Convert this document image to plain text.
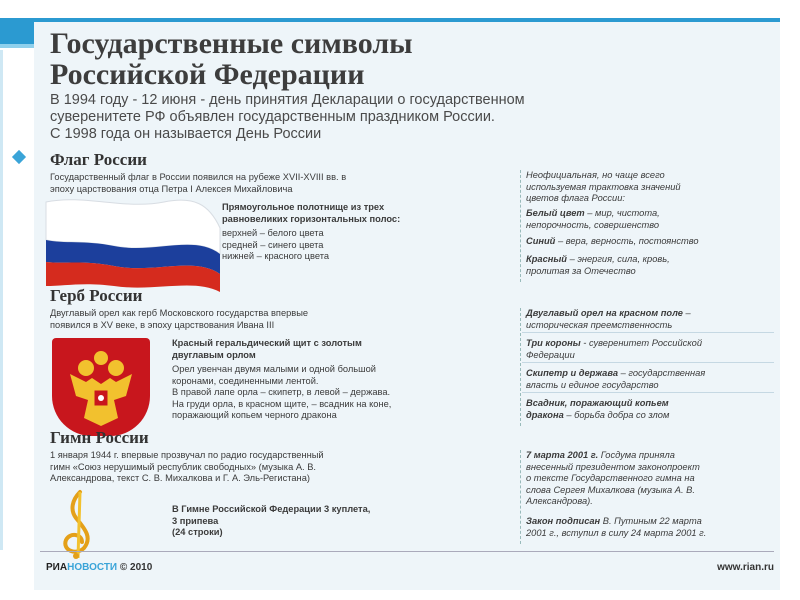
Государственные символы
Российской Федерации

В 1994 году - 12 июня - день принятия Декларации о государственном
суверенитете РФ объявлен государственным праздником России.
С 1998 года он называется День России

Флаг России

Государственный флаг в России появился на рубеже XVII-XVIII вв. в
эпоху царствования отца Петра I Алексея Михайловича

Прямоугольное полотнище из трех
равновеликих горизонтальных полос:

верхней – белого цвета
средней – синего цвета
нижней – красного цвета

Неофициальная, но чаще всего
используемая трактовка значений
цветов флага России:

Белый цвет – мир, чистота,
непорочность, совершенство

Синий – вера, верность, постоянство

Красный – энергия, сила, кровь,
пролитая за Отечество

Герб России

Двуглавый орел как герб Московского государства впервые
появился в XV веке, в эпоху царствования Ивана III

Красный геральдический щит с золотым
двуглавым орлом

Орел увенчан двумя малыми и одной большой
коронами, соединенными лентой.
В правой лапе орла – скипетр, в левой – держава.
На груди орла, в красном щите, – всадник на коне,
поражающий копьем черного дракона

Двуглавый орел на красном поле –
историческая преемственность

Три короны - суверенитет Российской
Федерации

Скипетр и держава – государственная
власть и единое государство

Всадник, поражающий копьем
дракона – борьба добра со злом

Гимн России

1 января 1944 г. впервые прозвучал по радио государственный
гимн «Союз нерушимый республик свободных» (музыка А. В.
Александрова, текст С. В. Михалкова и Г. А. Эль-Регистана)

В Гимне Российской Федерации 3 куплета,
3 припева
(24 строки)

7 марта 2001 г. Госдума приняла
внесенный президентом законопроект
о тексте Государственного гимна на
слова Сергея Михалкова (музыка А. В.
Александрова).

Закон подписан В. Путиным 22 марта
2001 г., вступил в силу 24 марта 2001 г.

РИАНОВОСТИ © 2010	www.rian.ru
